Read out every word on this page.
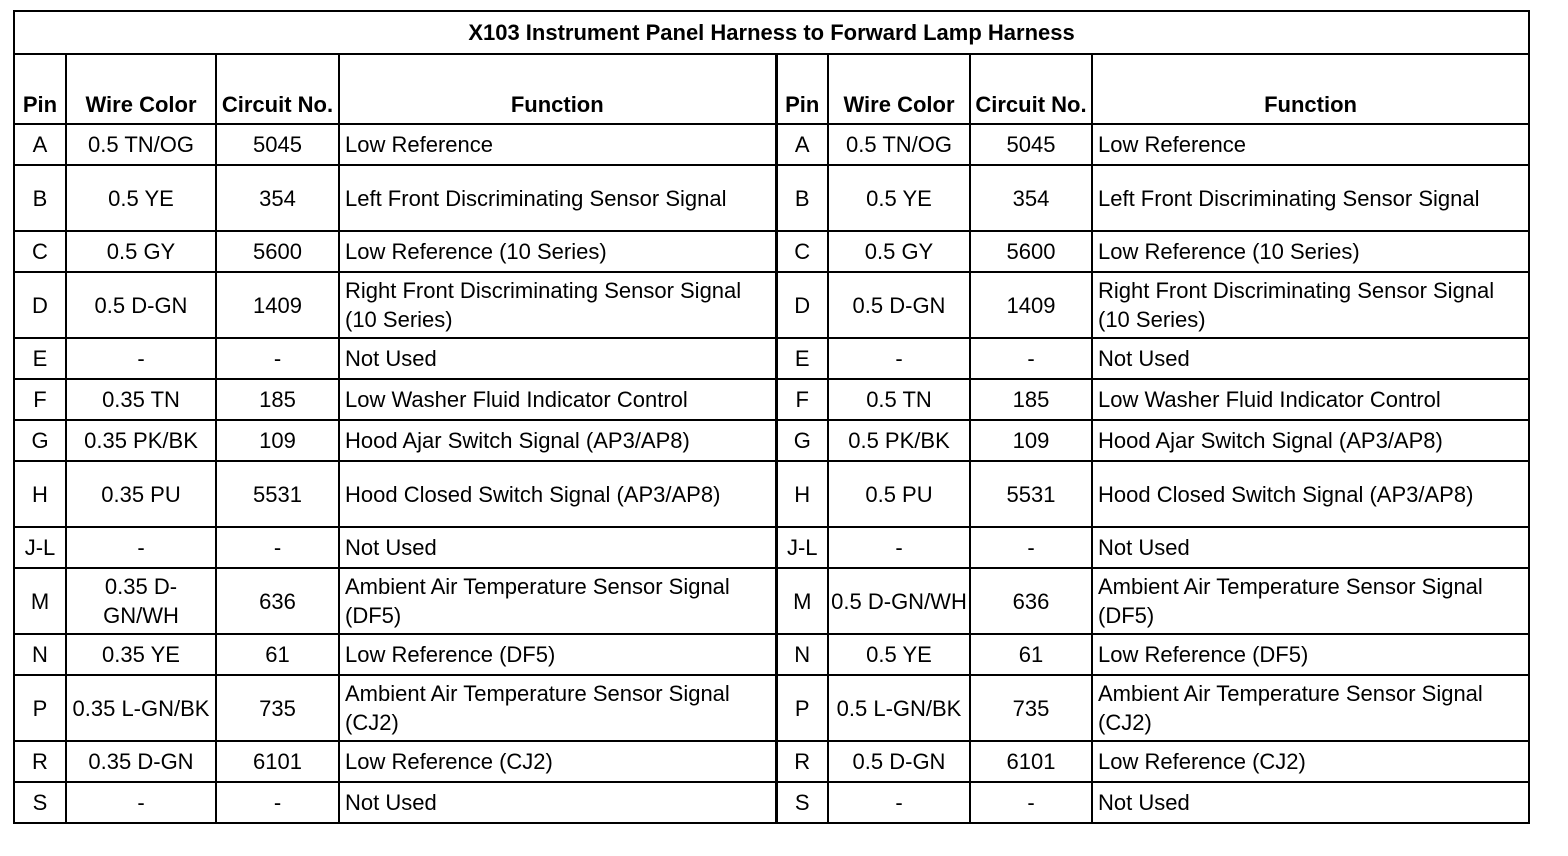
X103 Instrument Panel Harness to Forward Lamp Harness							
Pin	Wire Color	Circuit No.	Function	Pin	Wire Color	Circuit No.	Function
A	0.5 TN/OG	5045	Low Reference	A	0.5 TN/OG	5045	Low Reference
B	0.5 YE	354	Left Front Discriminating Sensor Signal	B	0.5 YE	354	Left Front Discriminating Sensor Signal
C	0.5 GY	5600	Low Reference (10 Series)	C	0.5 GY	5600	Low Reference (10 Series)
D	0.5 D-GN	1409	Right Front Discriminating Sensor Signal (10 Series)	D	0.5 D-GN	1409	Right Front Discriminating Sensor Signal (10 Series)
E	-	-	Not Used	E	-	-	Not Used
F	0.35 TN	185	Low Washer Fluid Indicator Control	F	0.5 TN	185	Low Washer Fluid Indicator Control
G	0.35 PK/BK	109	Hood Ajar Switch Signal (AP3/AP8)	G	0.5 PK/BK	109	Hood Ajar Switch Signal (AP3/AP8)
H	0.35 PU	5531	Hood Closed Switch Signal (AP3/AP8)	H	0.5 PU	5531	Hood Closed Switch Signal (AP3/AP8)
J-L	-	-	Not Used	J-L	-	-	Not Used
M	0.35 D-GN/WH	636	Ambient Air Temperature Sensor Signal (DF5)	M	0.5 D-GN/WH	636	Ambient Air Temperature Sensor Signal (DF5)
N	0.35 YE	61	Low Reference (DF5)	N	0.5 YE	61	Low Reference (DF5)
P	0.35 L-GN/BK	735	Ambient Air Temperature Sensor Signal (CJ2)	P	0.5 L-GN/BK	735	Ambient Air Temperature Sensor Signal (CJ2)
R	0.35 D-GN	6101	Low Reference (CJ2)	R	0.5 D-GN	6101	Low Reference (CJ2)
S	-	-	Not Used	S	-	-	Not Used
